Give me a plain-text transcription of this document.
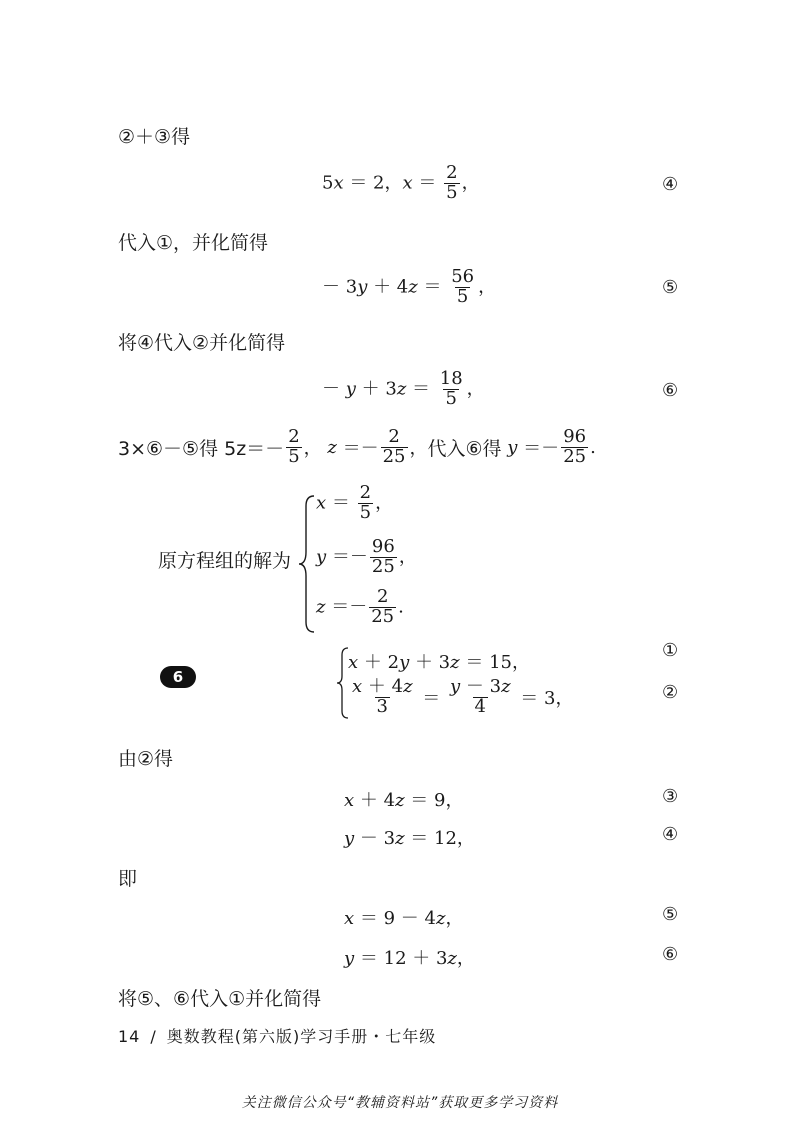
②＋③得
5x ＝ 2，$x = \frac{2}{5}$ ，	④
代入①，并化简得
－ $3y + 4z = \frac{56}{5}$ ，	⑤
将④代入②并化简得
－ $y + 3z = \frac{18}{5}$ ，	⑥
3×⑥－⑤得 $5z=- \frac{2}{5}$ ， $z =- \frac{2}{25}$ ， 代入⑥得
$y =- \frac{96}{25}$ .
原方程组的解为
$x = \frac{2}{5}$ ，
$y =- \frac{96}{25}$ ，
$z =- \frac{2}{25}$ .
6
x ＋ 2y ＋ 3z ＝ 15，
$\frac{x + 4z}{3} = \frac{y - 3z}{4} = 3$，
①
②
由②得
x ＋ 4z ＝ 9，	③
y － 3z ＝ 12，	④
即
x ＝ 9 － 4z，	⑤
y ＝ 12 ＋ 3z，	⑥
将⑤、⑥代入①并化简得
14 / 奥数教程(第六版)学习手册・七年级
关注微信公众号“教辅资料站”获取更多学习资料
